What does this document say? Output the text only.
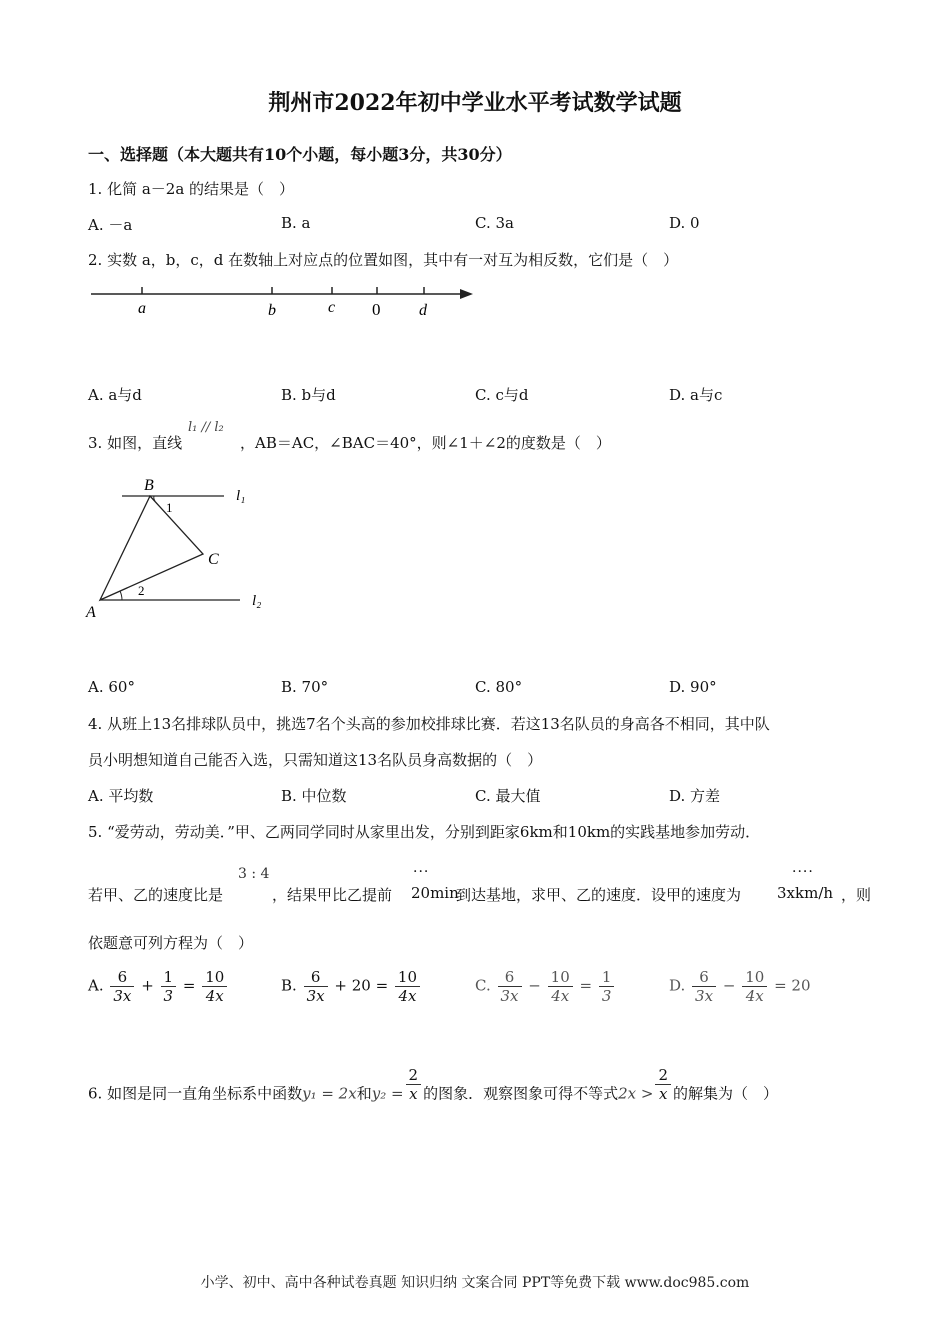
荆州市2022年初中学业水平考试数学试题
一、选择题（本大题共有10个小题，每小题3分，共30分）
1. 化简 a－2a 的结果是（　）
A. －a	B. a	C. 3a	D. 0
2. 实数 a，b，c，d 在数轴上对应点的位置如图，其中有一对互为相反数，它们是（　）
a	b	c 0 d
A. a与d	B. b与d	C. c与d	D. a与c
3. 如图，直线
l₁ // l₂
，AB＝AC，∠BAC＝40°，则∠1＋∠2的度数是（　）
B
1
l₁
C
A
2
l₂
A. 60°	B. 70°	C. 80°	D. 90°
4. 从班上13名排球队员中，挑选7名个头高的参加校排球比赛．若这13名队员的身高各不相同，其中队
员小明想知道自己能否入选，只需知道这13名队员身高数据的（　）
A. 平均数	B. 中位数	C. 最大值	D. 方差
5. “爱劳动，劳动美．”甲、乙两同学同时从家里出发，分别到距家6km和10km的实践基地参加劳动．
若甲、乙的速度比是
3 : 4
，结果甲比乙提前
···
20min
到达基地，求甲、乙的速度．设甲的速度为
····
3xkm/h ，则
依题意可列方程为（　）
A. $\frac{6}{3x} + \frac{1}{3} = \frac{10}{4x}$	B. $\frac{6}{3x} + 20 = \frac{10}{4x}$	C. $\frac{6}{3x} - \frac{10}{4x} = \frac{1}{3}$	D. $\frac{6}{3x} - \frac{10}{4x} = 20$
6. 如图是同一直角坐标系中函数y₁ = 2x和$y_2 = \frac{2}{x}$ 的图象．观察图象可得不等式$2x > \frac{2}{x}$ 的解集为（　）
小学、初中、高中各种试卷真题 知识归纳 文案合同 PPT等免费下载 www.doc985.com
